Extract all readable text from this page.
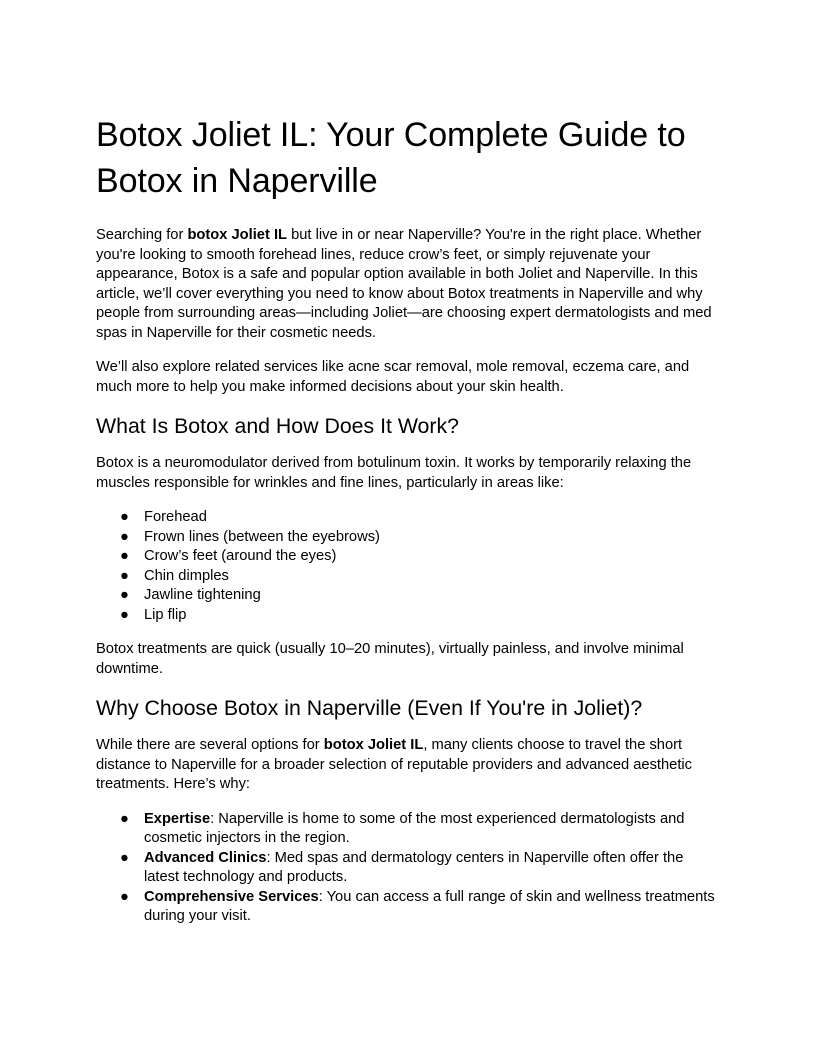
Botox Joliet IL: Your Complete Guide to Botox in Naperville

Searching for botox Joliet IL but live in or near Naperville? You're in the right place. Whether you're looking to smooth forehead lines, reduce crow’s feet, or simply rejuvenate your appearance, Botox is a safe and popular option available in both Joliet and Naperville. In this article, we’ll cover everything you need to know about Botox treatments in Naperville and why people from surrounding areas—including Joliet—are choosing expert dermatologists and med spas in Naperville for their cosmetic needs.

We’ll also explore related services like acne scar removal, mole removal, eczema care, and much more to help you make informed decisions about your skin health.

What Is Botox and How Does It Work?

Botox is a neuromodulator derived from botulinum toxin. It works by temporarily relaxing the muscles responsible for wrinkles and fine lines, particularly in areas like:

● Forehead
● Frown lines (between the eyebrows)
● Crow’s feet (around the eyes)
● Chin dimples
● Jawline tightening
● Lip flip

Botox treatments are quick (usually 10–20 minutes), virtually painless, and involve minimal downtime.

Why Choose Botox in Naperville (Even If You're in Joliet)?

While there are several options for botox Joliet IL, many clients choose to travel the short distance to Naperville for a broader selection of reputable providers and advanced aesthetic treatments. Here’s why:

● Expertise: Naperville is home to some of the most experienced dermatologists and cosmetic injectors in the region.
● Advanced Clinics: Med spas and dermatology centers in Naperville often offer the latest technology and products.
● Comprehensive Services: You can access a full range of skin and wellness treatments during your visit.
